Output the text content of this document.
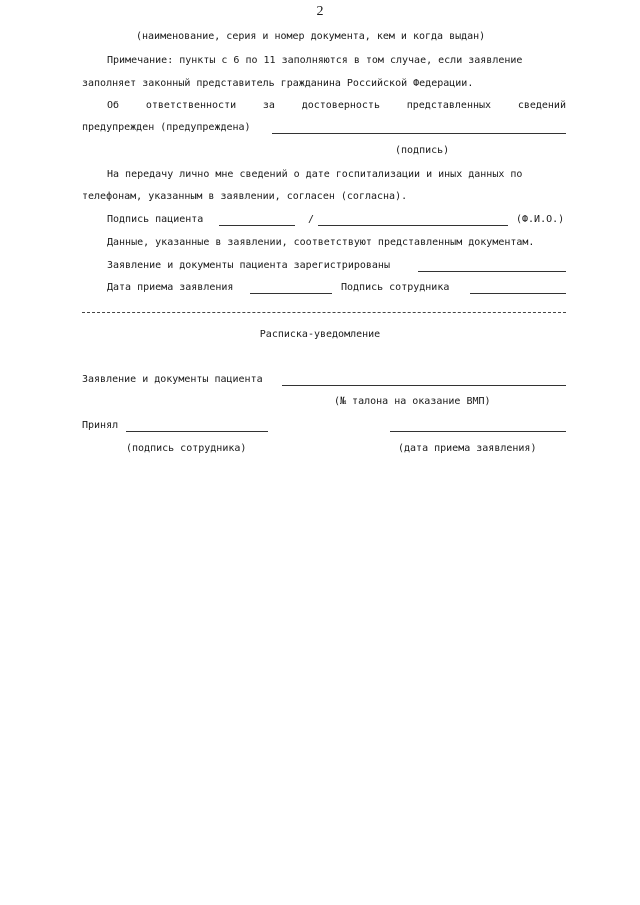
2
(наименование, серия и номер документа, кем и когда выдан)
Примечание: пункты с 6 по 11 заполняются в том случае, если заявление
заполняет законный представитель гражданина Российской Федерации.
Об	ответственности	за	достоверность	представленных	сведений
предупрежден (предупреждена)
(подпись)
На передачу лично мне сведений о дате госпитализации и иных данных по
телефонам, указанным в заявлении, согласен (согласна).
Подпись пациента	/	(Ф.И.О.)
Данные, указанные в заявлении, соответствуют представленным документам.
Заявление и документы пациента зарегистрированы
Дата приема заявления	Подпись сотрудника
Расписка-уведомление
Заявление и документы пациента
(№ талона на оказание ВМП)
Принял
(подпись сотрудника)	(дата приема заявления)
